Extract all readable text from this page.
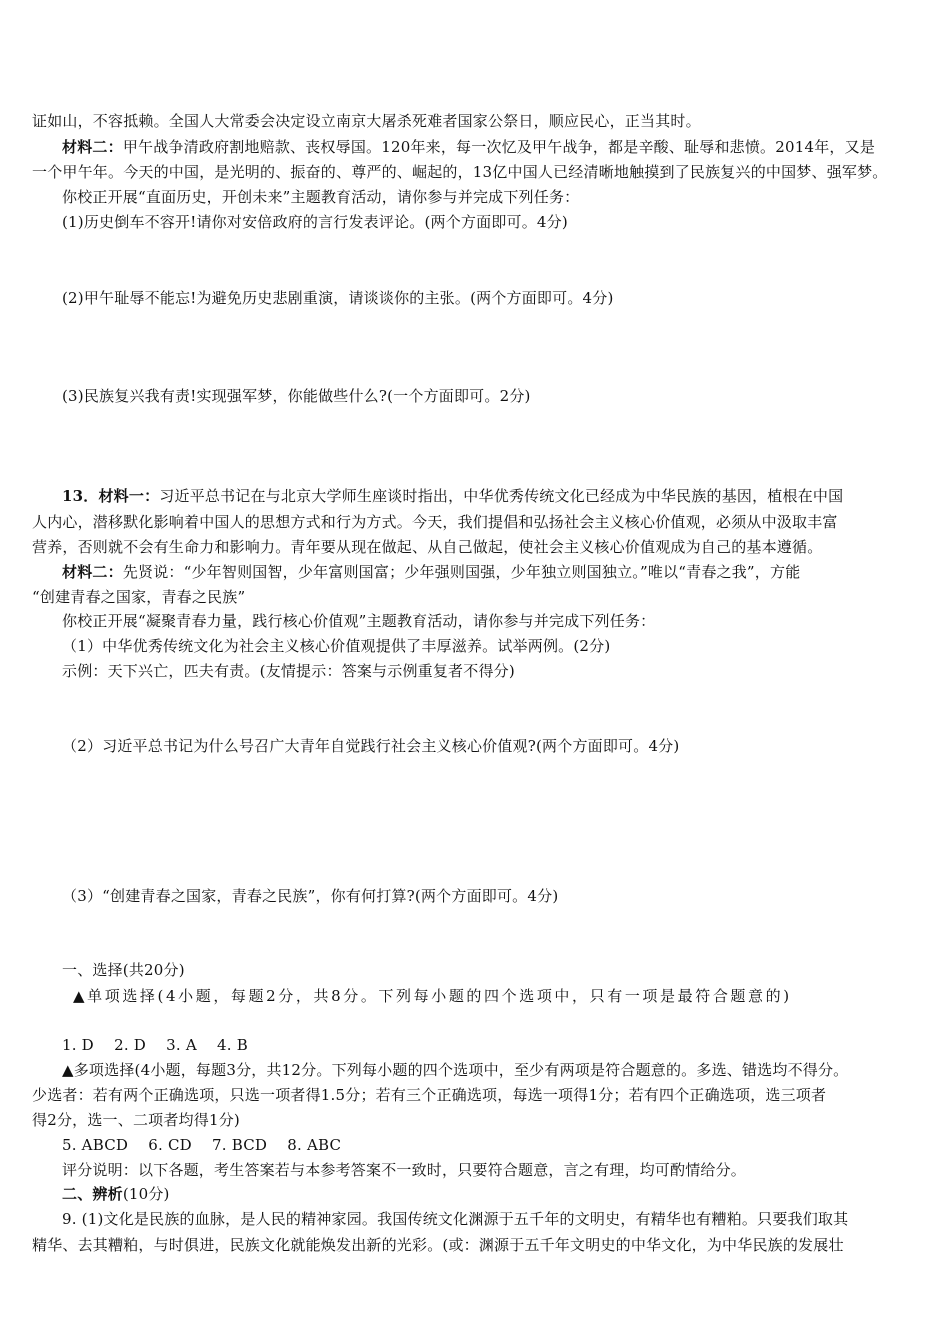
证如山，不容抵赖。全国人大常委会决定设立南京大屠杀死难者国家公祭日，顺应民心，正当其时。
材料二：甲午战争清政府割地赔款、丧权辱国。120年来，每一次忆及甲午战争，都是辛酸、耻辱和悲愤。2014年，又是
一个甲午年。今天的中国，是光明的、振奋的、尊严的、崛起的，13亿中国人已经清晰地触摸到了民族复兴的中国梦、强军梦。
你校正开展“直面历史，开创未来”主题教育活动，请你参与并完成下列任务：
(1)历史倒车不容开!请你对安倍政府的言行发表评论。(两个方面即可。4分)
(2)甲午耻辱不能忘!为避免历史悲剧重演，请谈谈你的主张。(两个方面即可。4分)
(3)民族复兴我有责!实现强军梦，你能做些什么?(一个方面即可。2分)
13．材料一：习近平总书记在与北京大学师生座谈时指出，中华优秀传统文化已经成为中华民族的基因，植根在中国
人内心，潜移默化影响着中国人的思想方式和行为方式。今天，我们提倡和弘扬社会主义核心价值观，必须从中汲取丰富
营养，否则就不会有生命力和影响力。青年要从现在做起、从自己做起，使社会主义核心价值观成为自己的基本遵循。
材料二：先贤说：“少年智则国智，少年富则国富；少年强则国强，少年独立则国独立。”唯以“青春之我”，方能
“创建青春之国家，青春之民族”
你校正开展“凝聚青春力量，践行核心价值观”主题教育活动，请你参与并完成下列任务：
（1）中华优秀传统文化为社会主义核心价值观提供了丰厚滋养。试举两例。(2分)
示例：天下兴亡，匹夫有责。(友情提示：答案与示例重复者不得分)
（2）习近平总书记为什么号召广大青年自觉践行社会主义核心价值观?(两个方面即可。4分)
（3）“创建青春之国家，青春之民族”，你有何打算?(两个方面即可。4分)
一、选择(共20分)
▲单项选择(4小题，每题2分，共8分。下列每小题的四个选项中，只有一项是最符合题意的)
1. D　 2. D　 3. A　 4. B
▲多项选择(4小题，每题3分，共12分。下列每小题的四个选项中，至少有两项是符合题意的。多选、错选均不得分。
少选者：若有两个正确选项，只选一项者得1.5分；若有三个正确选项，每选一项得1分；若有四个正确选项，选三项者
得2分，选一、二项者均得1分)
5. ABCD　 6. CD　 7. BCD　 8. ABC
评分说明：以下各题，考生答案若与本参考答案不一致时，只要符合题意，言之有理，均可酌情给分。
二、辨析(10分)
9. (1)文化是民族的血脉，是人民的精神家园。我国传统文化渊源于五千年的文明史，有精华也有糟粕。只要我们取其
精华、去其糟粕，与时俱进，民族文化就能焕发出新的光彩。(或：渊源于五千年文明史的中华文化，为中华民族的发展壮
